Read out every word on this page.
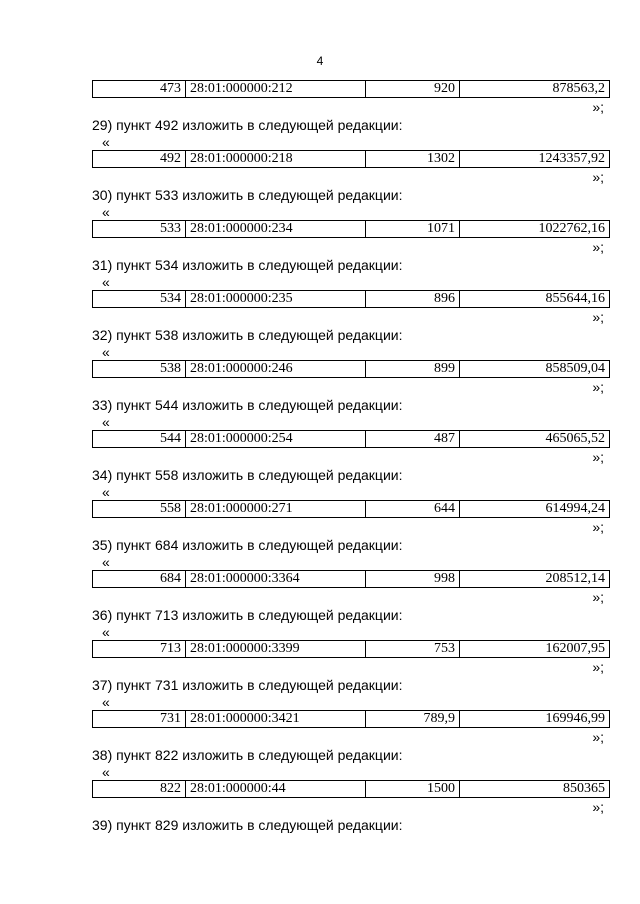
4
473	28:01:000000:212	920	878563,2
»;
29) пункт 492 изложить в следующей редакции:
«
492	28:01:000000:218	1302	1243357,92
»;
30) пункт 533 изложить в следующей редакции:
«
533	28:01:000000:234	1071	1022762,16
»;
31) пункт 534 изложить в следующей редакции:
«
534	28:01:000000:235	896	855644,16
»;
32) пункт 538 изложить в следующей редакции:
«
538	28:01:000000:246	899	858509,04
»;
33) пункт 544 изложить в следующей редакции:
«
544	28:01:000000:254	487	465065,52
»;
34) пункт 558 изложить в следующей редакции:
«
558	28:01:000000:271	644	614994,24
»;
35) пункт 684 изложить в следующей редакции:
«
684	28:01:000000:3364	998	208512,14
»;
36) пункт 713 изложить в следующей редакции:
«
713	28:01:000000:3399	753	162007,95
»;
37) пункт 731 изложить в следующей редакции:
«
731	28:01:000000:3421	789,9	169946,99
»;
38) пункт 822 изложить в следующей редакции:
«
822	28:01:000000:44	1500	850365
»;
39) пункт 829 изложить в следующей редакции:
